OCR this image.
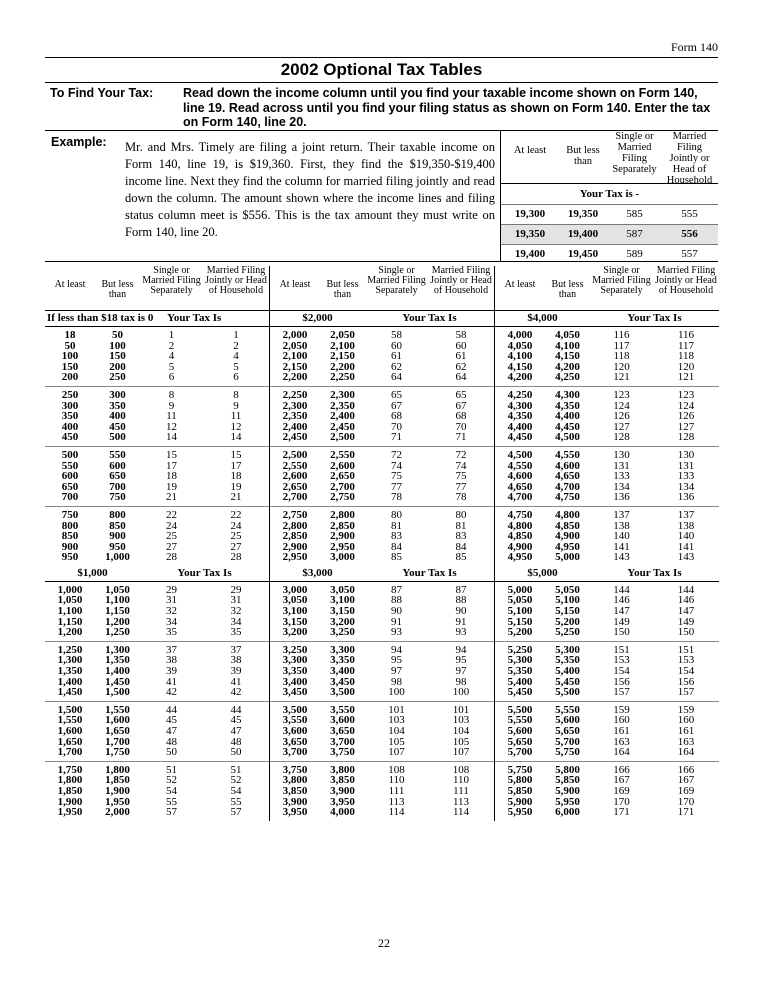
Form 140
2002 Optional Tax Tables
To Find Your Tax:	Read down the income column until you find your taxable income shown on Form 140, line 19. Read across until you find your filing status as shown on Form 140. Enter the tax on Form 140, line 20.
Example: Mr. and Mrs. Timely are filing a joint return. Their taxable income on Form 140, line 19, is $19,360. First, they find the $19,350-$19,400 income line. Next they find the column for married filing jointly and read down the column. The amount shown where the income lines and filing status column meet is $556. This is the tax amount they must write on Form 140, line 20.
At least	But less than
Single or Married Filing Separately
Married Filing Jointly or Head of Household
Your Tax is -
19,300	19,350	585	555
19,350	19,400	587	556
19,400	19,450	589	557
At least	But less than
Single or Married Filing Separately
Married Filing Jointly or Head of Household
If less than $18 tax is 0 Your Tax Is
18	50	1	1
50	100	2	2
100	150	4	4
150	200	5	5
200	250	6	6
250	300	8	8
300	350	9	9
350	400	11	11
400	450	12	12
450	500	14	14
500	550	15	15
550	600	17	17
600	650	18	18
650	700	19	19
700	750	21	21
750	800	22	22
800	850	24	24
850	900	25	25
900	950	27	27
950	1,000	28	28
$1,000	Your Tax Is
1,000	1,050	29	29
1,050	1,100	31	31
1,100	1,150	32	32
1,150	1,200	34	34
1,200	1,250	35	35
1,250	1,300	37	37
1,300	1,350	38	38
1,350	1,400	39	39
1,400	1,450	41	41
1,450	1,500	42	42
1,500	1,550	44	44
1,550	1,600	45	45
1,600	1,650	47	47
1,650	1,700	48	48
1,700	1,750	50	50
1,750	1,800	51	51
1,800	1,850	52	52
1,850	1,900	54	54
1,900	1,950	55	55
1,950	2,000	57	57
At least	But less than
Single or Married Filing Separately
Married Filing Jointly or Head of Household
$2,000	Your Tax Is
2,000	2,050	58	58
2,050	2,100	60	60
2,100	2,150	61	61
2,150	2,200	62	62
2,200	2,250	64	64
2,250	2,300	65	65
2,300	2,350	67	67
2,350	2,400	68	68
2,400	2,450	70	70
2,450	2,500	71	71
2,500	2,550	72	72
2,550	2,600	74	74
2,600	2,650	75	75
2,650	2,700	77	77
2,700	2,750	78	78
2,750	2,800	80	80
2,800	2,850	81	81
2,850	2,900	83	83
2,900	2,950	84	84
2,950	3,000	85	85
$3,000	Your Tax Is
3,000	3,050	87	87
3,050	3,100	88	88
3,100	3,150	90	90
3,150	3,200	91	91
3,200	3,250	93	93
3,250	3,300	94	94
3,300	3,350	95	95
3,350	3,400	97	97
3,400	3,450	98	98
3,450	3,500	100	100
3,500	3,550	101	101
3,550	3,600	103	103
3,600	3,650	104	104
3,650	3,700	105	105
3,700	3,750	107	107
3,750	3,800	108	108
3,800	3,850	110	110
3,850	3,900	111	111
3,900	3,950	113	113
3,950	4,000	114	114
At least	But less than
Single or Married Filing Separately
Married Filing Jointly or Head of Household
$4,000	Your Tax Is
4,000	4,050	116	116
4,050	4,100	117	117
4,100	4,150	118	118
4,150	4,200	120	120
4,200	4,250	121	121
4,250	4,300	123	123
4,300	4,350	124	124
4,350	4,400	126	126
4,400	4,450	127	127
4,450	4,500	128	128
4,500	4,550	130	130
4,550	4,600	131	131
4,600	4,650	133	133
4,650	4,700	134	134
4,700	4,750	136	136
4,750	4,800	137	137
4,800	4,850	138	138
4,850	4,900	140	140
4,900	4,950	141	141
4,950	5,000	143	143
$5,000	Your Tax Is
5,000	5,050	144	144
5,050	5,100	146	146
5,100	5,150	147	147
5,150	5,200	149	149
5,200	5,250	150	150
5,250	5,300	151	151
5,300	5,350	153	153
5,350	5,400	154	154
5,400	5,450	156	156
5,450	5,500	157	157
5,500	5,550	159	159
5,550	5,600	160	160
5,600	5,650	161	161
5,650	5,700	163	163
5,700	5,750	164	164
5,750	5,800	166	166
5,800	5,850	167	167
5,850	5,900	169	169
5,900	5,950	170	170
5,950	6,000	171	171
22
